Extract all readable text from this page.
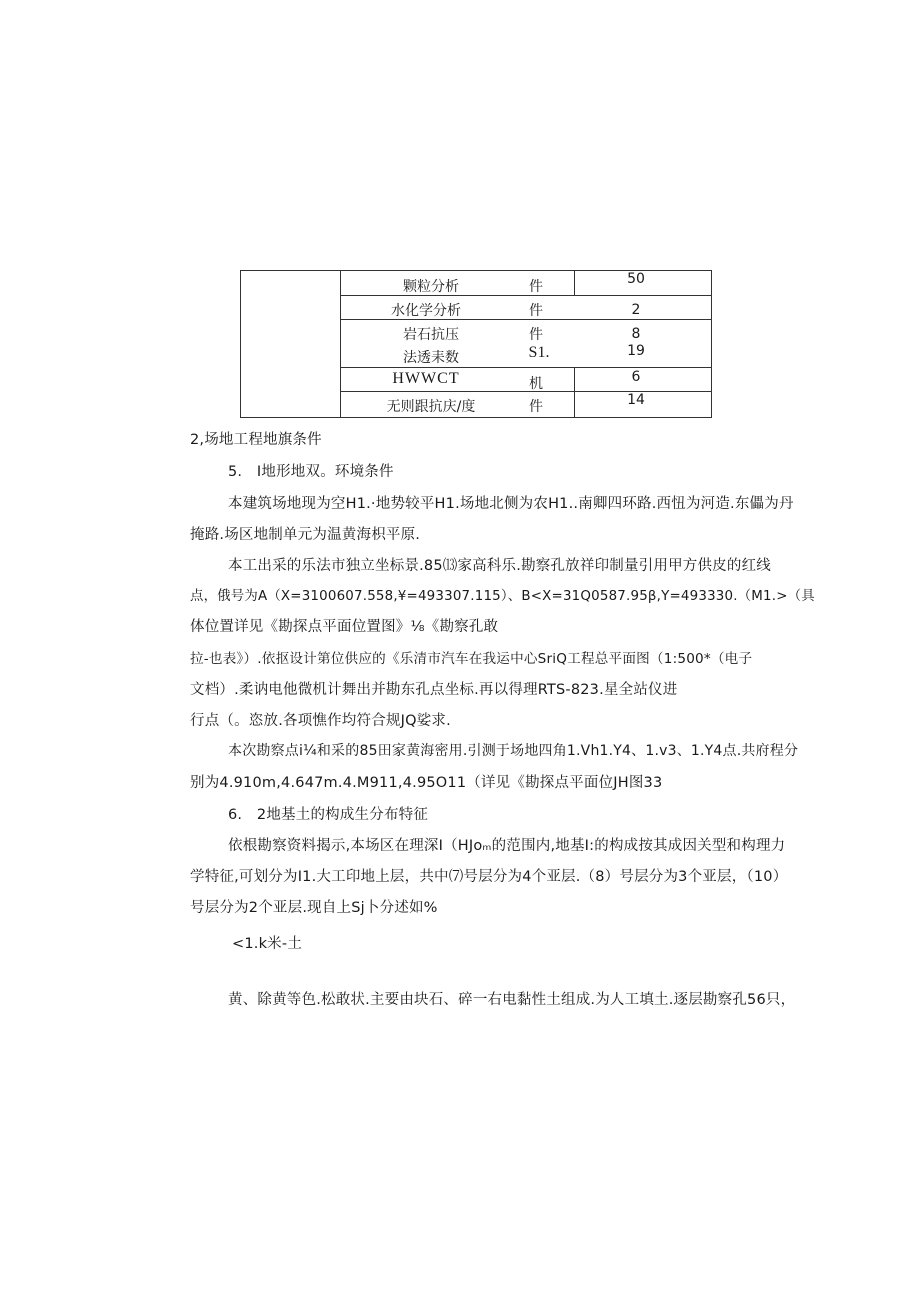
颗粒分析	件	50
水化学分析	件	2
岩石抗压	件	8
法透耒数	S1.	19
HWWCT	机	6
无则跟抗庆/度	件	14
2,场地工程地旗条件
5.　I地形地双。环境条件
本建筑场地现为空H1.·地势较平H1.场地北侧为农H1..南卿四环路.西忸为河造.东儡为丹
掩路.场区地制单元为温黄海枳平原.
本工出采的乐法市独立坐标景.85⒀家高科乐.勘察孔放祥印制量引用甲方供皮的红线
点，俄号为A（X=3100607.558,¥=493307.115）、B<X=31Q0587.95β,Y=493330.（M1.>（具
体位置详见《勘探点平面位置图》⅛《勘察孔敢
拉-也表》）.依抠设计第位供应的《乐清市汽车在我运中心SriQ工程总平面图（1:500*（电子
文档）.柔讷电他微机计舞出并勘东孔点坐标.再以得理RTS-823.星全站仪进
行点（。恣放.各项憔作均符合规JQ娑求.
本次勘察点i¼和采的85田家黄海密用.引测于场地四角1.Vh1.Y4、1.v3、1.Y4点.共府程分
别为4.910m,4.647m.4.M911,4.95O11（详见《勘探点平面位JH图33
6.　2地基土的构成生分布特征
依根勘察资料揭示,本场区在理深I（HJoₘ的范围内,地基I:的构成按其成因关型和构理力
学特征,可划分为I1.大工印地上层，共中⑺号层分为4个亚层.（8）号层分为3个亚层，（10）
号层分为2个亚层.现自上Sj卜分述如%
<1.k米-土
黄、除黄等色.松敢状.主要由块石、碎一右电黏性土组成.为人工填土.逐层勘察孔56只，
